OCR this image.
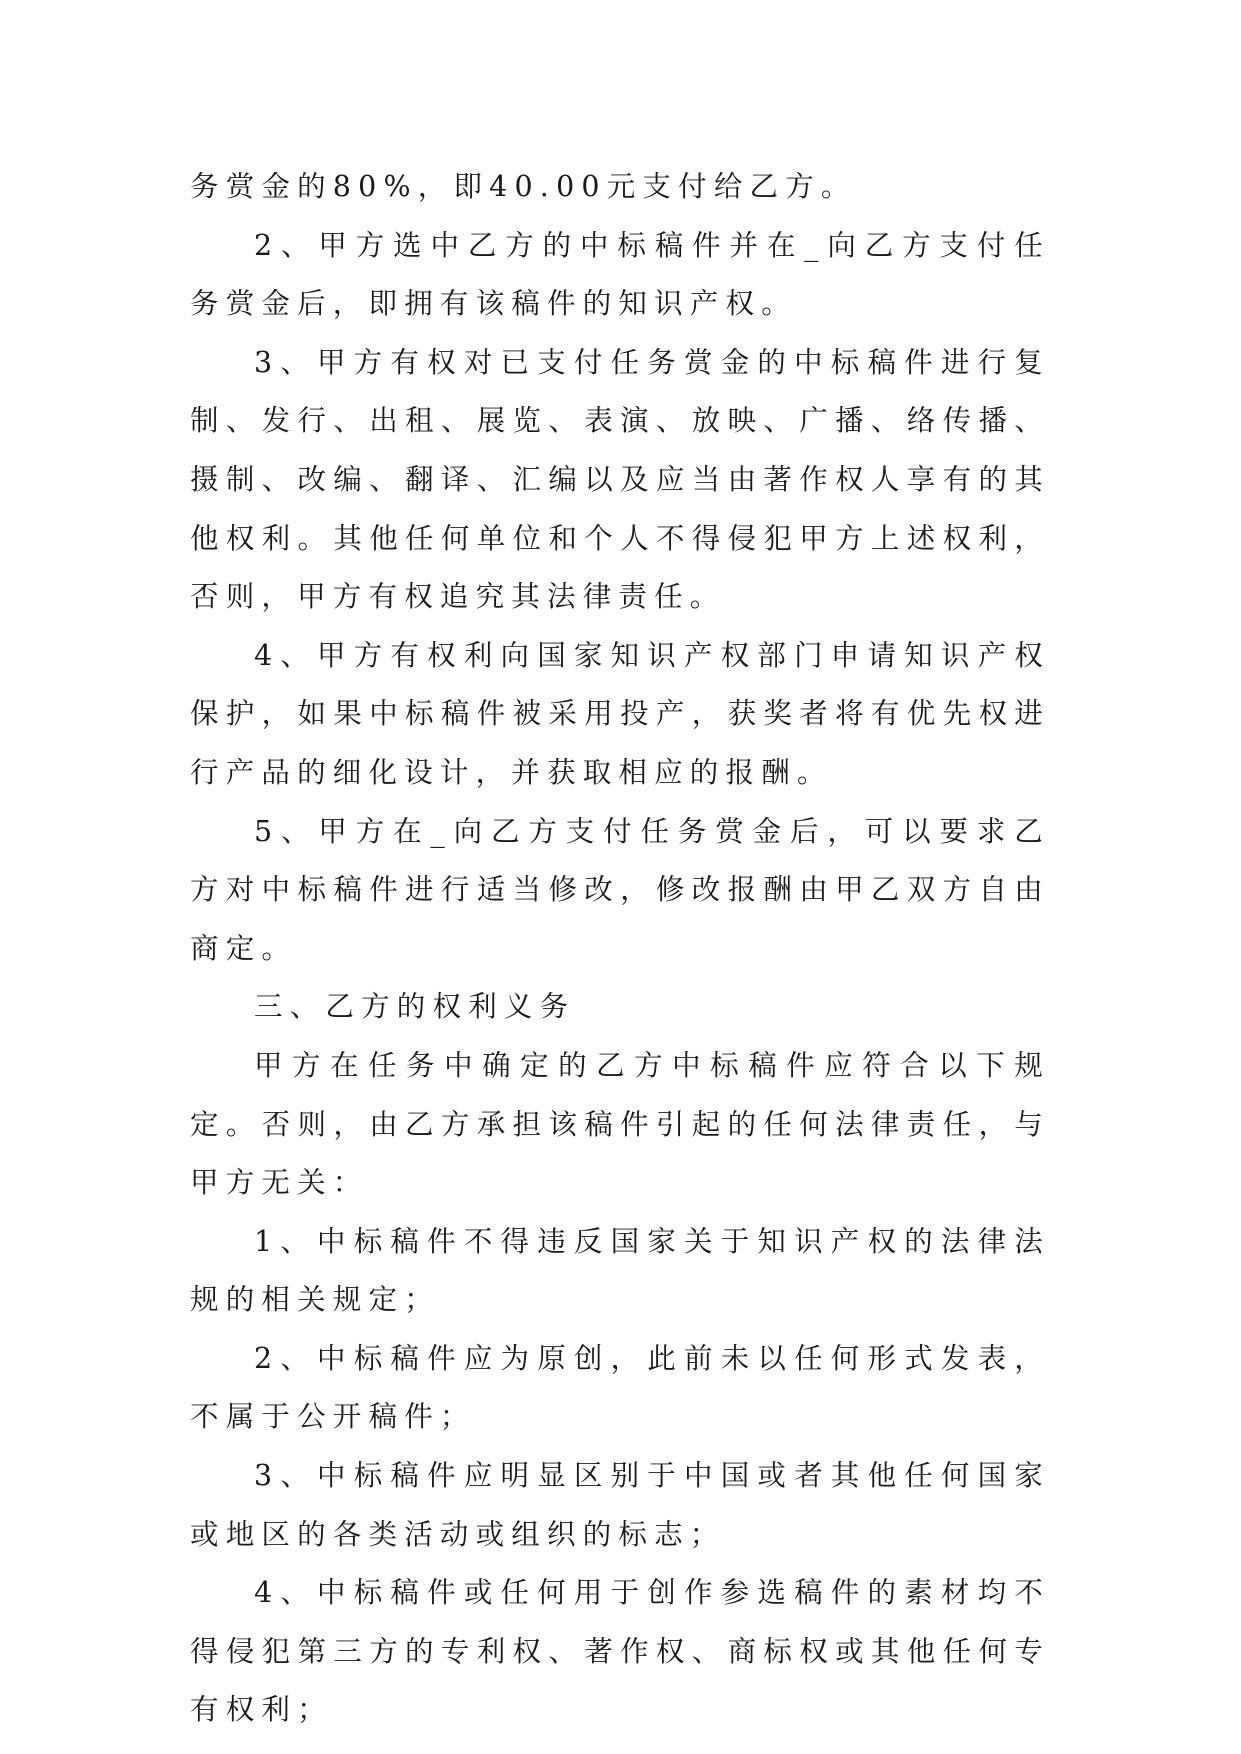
务赏金的80%，即40.00元支付给乙方。

2、甲方选中乙方的中标稿件并在_向乙方支付任务赏金后，即拥有该稿件的知识产权。

3、甲方有权对已支付任务赏金的中标稿件进行复制、发行、出租、展览、表演、放映、广播、络传播、摄制、改编、翻译、汇编以及应当由著作权人享有的其他权利。其他任何单位和个人不得侵犯甲方上述权利，否则，甲方有权追究其法律责任。

4、甲方有权利向国家知识产权部门申请知识产权保护，如果中标稿件被采用投产，获奖者将有优先权进行产品的细化设计，并获取相应的报酬。

5、甲方在_向乙方支付任务赏金后，可以要求乙方对中标稿件进行适当修改，修改报酬由甲乙双方自由商定。

三、乙方的权利义务

甲方在任务中确定的乙方中标稿件应符合以下规定。否则，由乙方承担该稿件引起的任何法律责任，与甲方无关：

1、中标稿件不得违反国家关于知识产权的法律法规的相关规定；

2、中标稿件应为原创，此前未以任何形式发表，不属于公开稿件；

3、中标稿件应明显区别于中国或者其他任何国家或地区的各类活动或组织的标志；

4、中标稿件或任何用于创作参选稿件的素材均不得侵犯第三方的专利权、著作权、商标权或其他任何专有权利；
